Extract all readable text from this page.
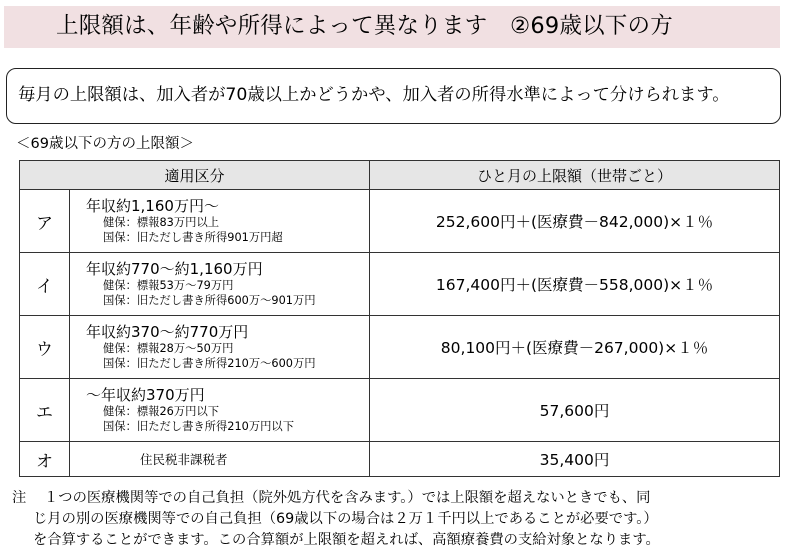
上限額は、年齢や所得によって異なります　②69歳以下の方
毎月の上限額は、加入者が70歳以上かどうかや、加入者の所得水準によって分けられます。
＜69歳以下の方の上限額＞
適用区分		ひと月の上限額（世帯ごと）
ア	年収約1,160万円～
健保：標報83万円以上
国保：旧ただし書き所得901万円超	252,600円＋(医療費－842,000)×１％
イ	年収約770～約1,160万円
健保：標報53万～79万円
国保：旧ただし書き所得600万～901万円	167,400円＋(医療費－558,000)×１％
ウ	年収約370～約770万円
健保：標報28万～50万円
国保：旧ただし書き所得210万～600万円	80,100円＋(医療費－267,000)×１％
エ	～年収約370万円
健保：標報26万円以下
国保：旧ただし書き所得210万円以下	57,600円
オ	住民税非課税者	35,400円
注 １つの医療機関等での自己負担（院外処方代を含みます。）では上限額を超えないときでも、同
じ月の別の医療機関等での自己負担（69歳以下の場合は２万１千円以上であることが必要です。）
を合算することができます。この合算額が上限額を超えれば、高額療養費の支給対象となります。
